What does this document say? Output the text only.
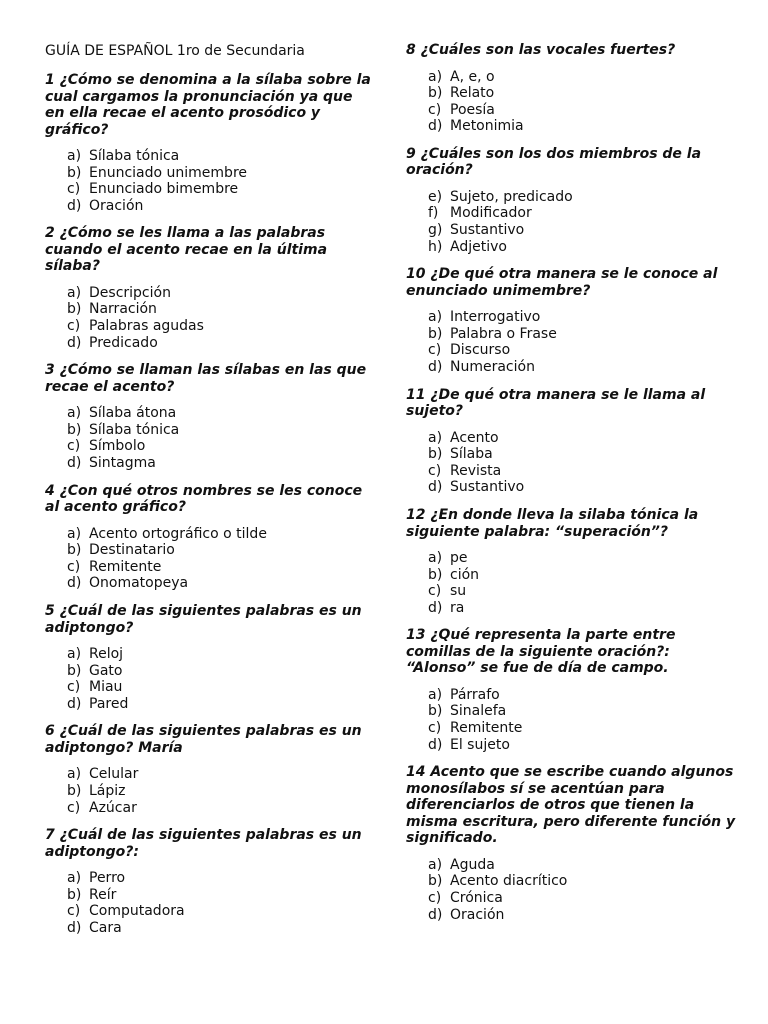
GUÍA DE ESPAÑOL 1ro de Secundaria

1 ¿Cómo se denomina a la sílaba sobre la cual cargamos la pronunciación ya que en ella recae el acento prosódico y gráfico?

a) Sílaba tónica
b) Enunciado unimembre
c) Enunciado bimembre
d) Oración

2 ¿Cómo se les llama a las palabras cuando el acento recae en la última sílaba?

a) Descripción
b) Narración
c) Palabras agudas
d) Predicado

3 ¿Cómo se llaman las sílabas en las que recae el acento?

a) Sílaba átona
b) Sílaba tónica
c) Símbolo
d) Sintagma

4 ¿Con qué otros nombres se les conoce al acento gráfico?

a) Acento ortográfico o tilde
b) Destinatario
c) Remitente
d) Onomatopeya

5 ¿Cuál de las siguientes palabras es un adiptongo?

a) Reloj
b) Gato
c) Miau
d) Pared

6 ¿Cuál de las siguientes palabras es un adiptongo? María

a) Celular
b) Lápiz
c) Azúcar

7 ¿Cuál de las siguientes palabras es un adiptongo?:

a) Perro
b) Reír
c) Computadora
d) Cara

8 ¿Cuáles son las vocales fuertes?

a) A, e, o
b) Relato
c) Poesía
d) Metonimia

9 ¿Cuáles son los dos miembros de la oración?

e) Sujeto, predicado
f) Modificador
g) Sustantivo
h) Adjetivo

10 ¿De qué otra manera se le conoce al enunciado unimembre?

a) Interrogativo
b) Palabra o Frase
c) Discurso
d) Numeración

11 ¿De qué otra manera se le llama al sujeto?

a) Acento
b) Sílaba
c) Revista
d) Sustantivo

12 ¿En donde lleva la silaba tónica la siguiente palabra: “superación”?

a) pe
b) ción
c) su
d) ra

13 ¿Qué representa la parte entre comillas de la siguiente oración?: “Alonso” se fue de día de campo.

a) Párrafo
b) Sinalefa
c) Remitente
d) El sujeto

14 Acento que se escribe cuando algunos monosílabos sí se acentúan para diferenciarlos de otros que tienen la misma escritura, pero diferente función y significado.

a) Aguda
b) Acento diacrítico
c) Crónica
d) Oración
